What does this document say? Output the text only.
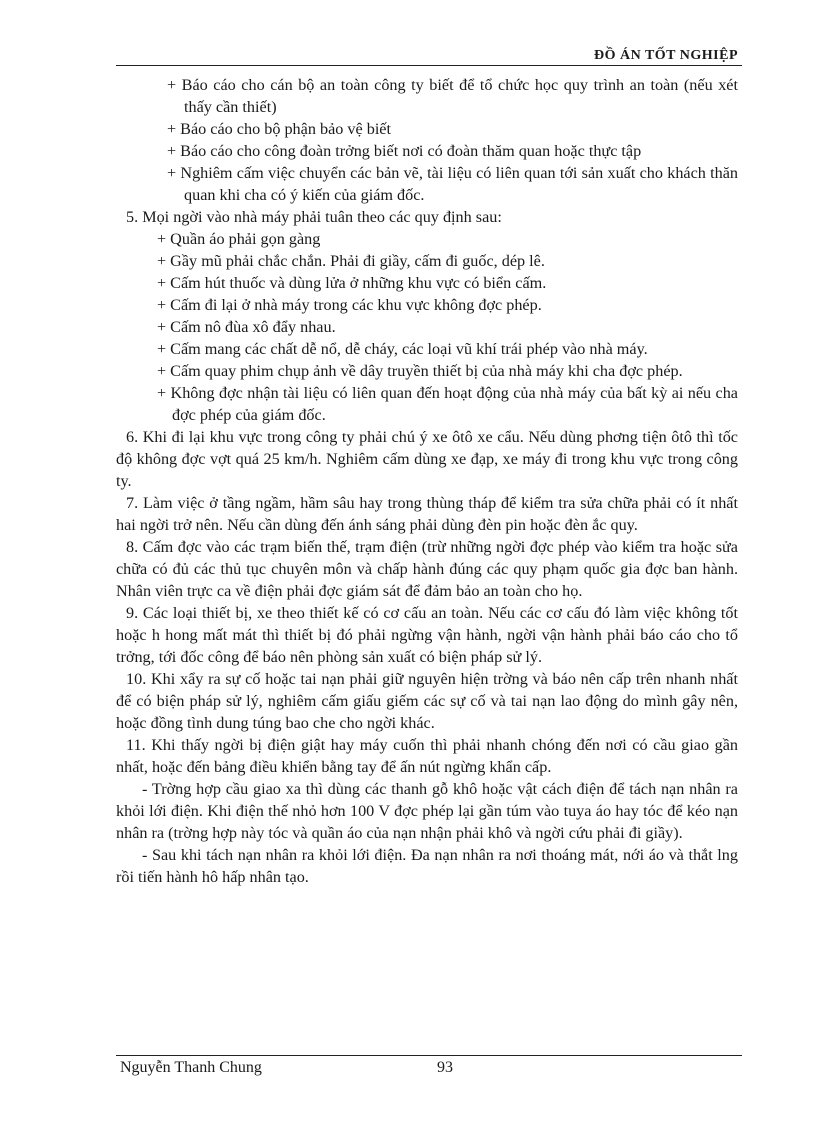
ĐỒ ÁN TỐT NGHIỆP

+ Báo cáo cho cán bộ an toàn công ty biết để tổ chức học quy trình an toàn (nếu xét thấy cần thiết)

+ Báo cáo cho bộ phận bảo vệ biết

+ Báo cáo cho công đoàn trởng biết nơi có đoàn thăm quan hoặc thực tập

+ Nghiêm cấm việc chuyển các bản vẽ, tài liệu có liên quan tới sản xuất cho khách thăn quan khi cha có ý kiến của giám đốc.

5. Mọi ngời vào nhà máy phải tuân theo các quy định sau:

+ Quần áo phải gọn gàng

+ Gầy mũ phải chắc chắn. Phải đi giầy, cấm đi guốc, dép lê.

+ Cấm hút thuốc và dùng lửa ở những khu vực có biển cấm.

+ Cấm đi lại ở nhà máy trong các khu vực không đợc phép.

+ Cấm nô đùa xô đẩy nhau.

+ Cấm mang các chất dễ nổ, dễ cháy, các loại vũ khí trái phép vào nhà máy.

+ Cấm quay phim chụp ảnh về dây truyền thiết bị của nhà máy khi cha đợc phép.

+ Không đợc nhận tài liệu có liên quan đến hoạt động của nhà máy của bất kỳ ai nếu cha đợc phép của giám đốc.

6. Khi đi lại khu vực trong công ty phải chú ý xe ôtô xe cẩu. Nếu dùng phơng tiện ôtô thì tốc độ không đợc vợt quá 25 km/h. Nghiêm cấm dùng xe đạp, xe máy đi trong khu vực trong công ty.

7. Làm việc ở tầng ngầm, hầm sâu hay trong thùng tháp để kiểm tra sửa chữa phải có ít nhất hai ngời trở nên. Nếu cần dùng đến ánh sáng phải dùng đèn pin hoặc đèn ắc quy.

8. Cấm đợc vào các trạm biến thế, trạm điện (trừ những ngời đợc phép vào kiểm tra hoặc sửa chữa có đủ các thủ tục chuyên môn và chấp hành đúng các quy phạm quốc gia đợc ban hành. Nhân viên trực ca về điện phải đợc giám sát để đảm bảo an toàn cho họ.

9. Các loại thiết bị, xe theo thiết kế có cơ cấu an toàn. Nếu các cơ cấu đó làm việc không tốt hoặc h hong mất mát thì thiết bị đó phải ngừng vận hành, ngời vận hành phải báo cáo cho tổ trởng, tới đốc công để báo nên phòng sản xuất có biện pháp sử lý.

10. Khi xẩy ra sự cố hoặc tai nạn phải giữ nguyên hiện trờng và báo nên cấp trên nhanh nhất để có biện pháp sử lý, nghiêm cấm giấu giếm các sự cố và tai nạn lao động do mình gây nên, hoặc đồng tình dung túng bao che cho ngời khác.

11. Khi thấy ngời bị điện giật hay máy cuốn thì phải nhanh chóng đến nơi có cầu giao gần nhất, hoặc đến bảng điều khiển bằng tay để ấn nút ngừng khẩn cấp.

- Trờng hợp cầu giao xa thì dùng các thanh gỗ khô hoặc vật cách điện để tách nạn nhân ra khỏi lới điện. Khi điện thế nhỏ hơn 100 V đợc phép lại gần túm vào tuya áo hay tóc để kéo nạn nhân ra (trờng hợp này tóc và quần áo của nạn nhận phải khô và ngời cứu phải đi giầy).

- Sau khi tách nạn nhân ra khỏi lới điện. Đa nạn nhân ra nơi thoáng mát, nới áo và thắt lng rồi tiến hành hô hấp nhân tạo.

Nguyễn Thanh Chung	93
